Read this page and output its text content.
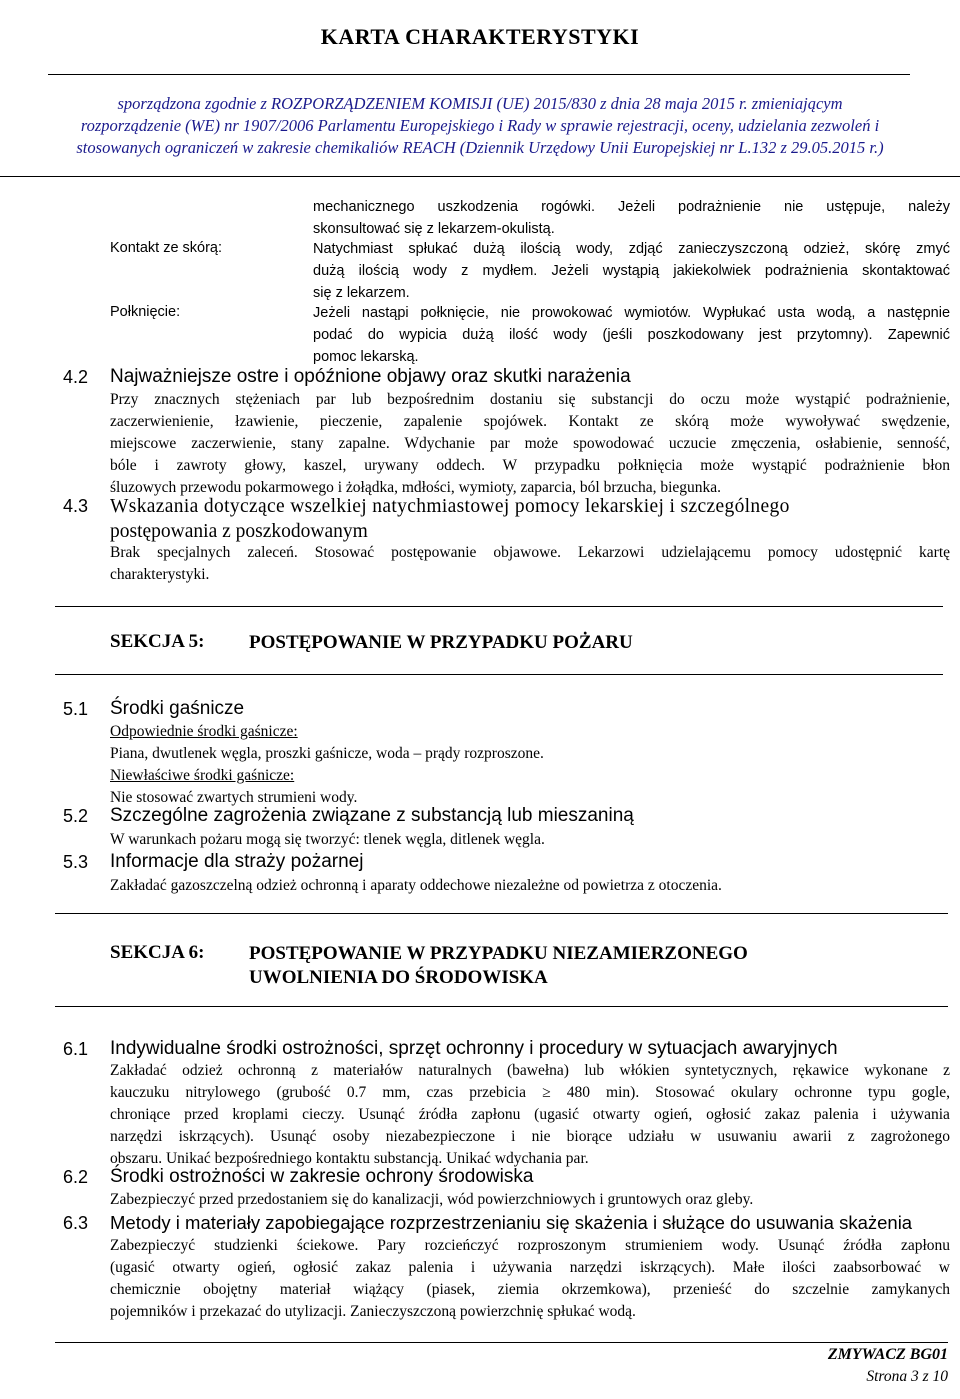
KARTA CHARAKTERYSTYKI
sporządzona zgodnie z ROZPORZĄDZENIEM KOMISJI (UE) 2015/830 z dnia 28 maja 2015 r. zmieniającym
rozporządzenie (WE) nr 1907/2006 Parlamentu Europejskiego i Rady w sprawie rejestracji, oceny, udzielania zezwoleń i
stosowanych ograniczeń w zakresie chemikaliów REACH (Dziennik Urzędowy Unii Europejskiej nr L.132 z 29.05.2015 r.)
mechanicznego uszkodzenia rogówki. Jeżeli podrażnienie nie ustępuje, należy
skonsultować się z lekarzem-okulistą.
Kontakt ze skórą:	Natychmiast spłukać dużą ilością wody, zdjąć zanieczyszczoną odzież, skórę zmyć
dużą ilością wody z mydłem. Jeżeli wystąpią jakiekolwiek podrażnienia skontaktować
się z lekarzem.
Połknięcie:	Jeżeli nastąpi połknięcie, nie prowokować wymiotów. Wypłukać usta wodą, a następnie
podać do wypicia dużą ilość wody (jeśli poszkodowany jest przytomny). Zapewnić
pomoc lekarską.
4.2 Najważniejsze ostre i opóźnione objawy oraz skutki narażenia
Przy znacznych stężeniach par lub bezpośrednim dostaniu się substancji do oczu może wystąpić podrażnienie,
zaczerwienienie, łzawienie, pieczenie, zapalenie spojówek. Kontakt ze skórą może wywoływać swędzenie,
miejscowe zaczerwienie, stany zapalne. Wdychanie par może spowodować uczucie zmęczenia, osłabienie, senność,
bóle i zawroty głowy, kaszel, urywany oddech. W przypadku połknięcia może wystąpić podrażnienie błon
śluzowych przewodu pokarmowego i żołądka, mdłości, wymioty, zaparcia, ból brzucha, biegunka.
4.3 Wskazania dotyczące wszelkiej natychmiastowej pomocy lekarskiej i szczególnego
postępowania z poszkodowanym
Brak specjalnych zaleceń. Stosować postępowanie objawowe. Lekarzowi udzielającemu pomocy udostępnić kartę
charakterystyki.
SEKCJA 5: POSTĘPOWANIE W PRZYPADKU POŻARU
5.1 Środki gaśnicze
Odpowiednie środki gaśnicze:
Piana, dwutlenek węgla, proszki gaśnicze, woda – prądy rozproszone.
Niewłaściwe środki gaśnicze:
Nie stosować zwartych strumieni wody.
5.2 Szczególne zagrożenia związane z substancją lub mieszaniną
W warunkach pożaru mogą się tworzyć: tlenek węgla, ditlenek węgla.
5.3 Informacje dla straży pożarnej
Zakładać gazoszczelną odzież ochronną i aparaty oddechowe niezależne od powietrza z otoczenia.
SEKCJA 6: POSTĘPOWANIE W PRZYPADKU NIEZAMIERZONEGO
UWOLNIENIA DO ŚRODOWISKA
6.1 Indywidualne środki ostrożności, sprzęt ochronny i procedury w sytuacjach awaryjnych
Zakładać odzież ochronną z materiałów naturalnych (bawełna) lub włókien syntetycznych, rękawice wykonane z
kauczuku nitrylowego (grubość 0.7 mm, czas przebicia ≥ 480 min). Stosować okulary ochronne typu gogle,
chroniące przed kroplami cieczy. Usunąć źródła zapłonu (ugasić otwarty ogień, ogłosić zakaz palenia i używania
narzędzi iskrzących). Usunąć osoby niezabezpieczone i nie biorące udziału w usuwaniu awarii z zagrożonego
obszaru. Unikać bezpośredniego kontaktu substancją. Unikać wdychania par.
6.2 Środki ostrożności w zakresie ochrony środowiska
Zabezpieczyć przed przedostaniem się do kanalizacji, wód powierzchniowych i gruntowych oraz gleby.
6.3 Metody i materiały zapobiegające rozprzestrzenianiu się skażenia i służące do usuwania skażenia
Zabezpieczyć studzienki ściekowe. Pary rozcieńczyć rozproszonym strumieniem wody. Usunąć źródła zapłonu
(ugasić otwarty ogień, ogłosić zakaz palenia i używania narzędzi iskrzących). Małe ilości zaabsorbować w
chemicznie obojętny materiał wiążący (piasek, ziemia okrzemkowa), przenieść do szczelnie zamykanych
pojemników i przekazać do utylizacji. Zanieczyszczoną powierzchnię spłukać wodą.
ZMYWACZ BG01
Strona 3 z 10
